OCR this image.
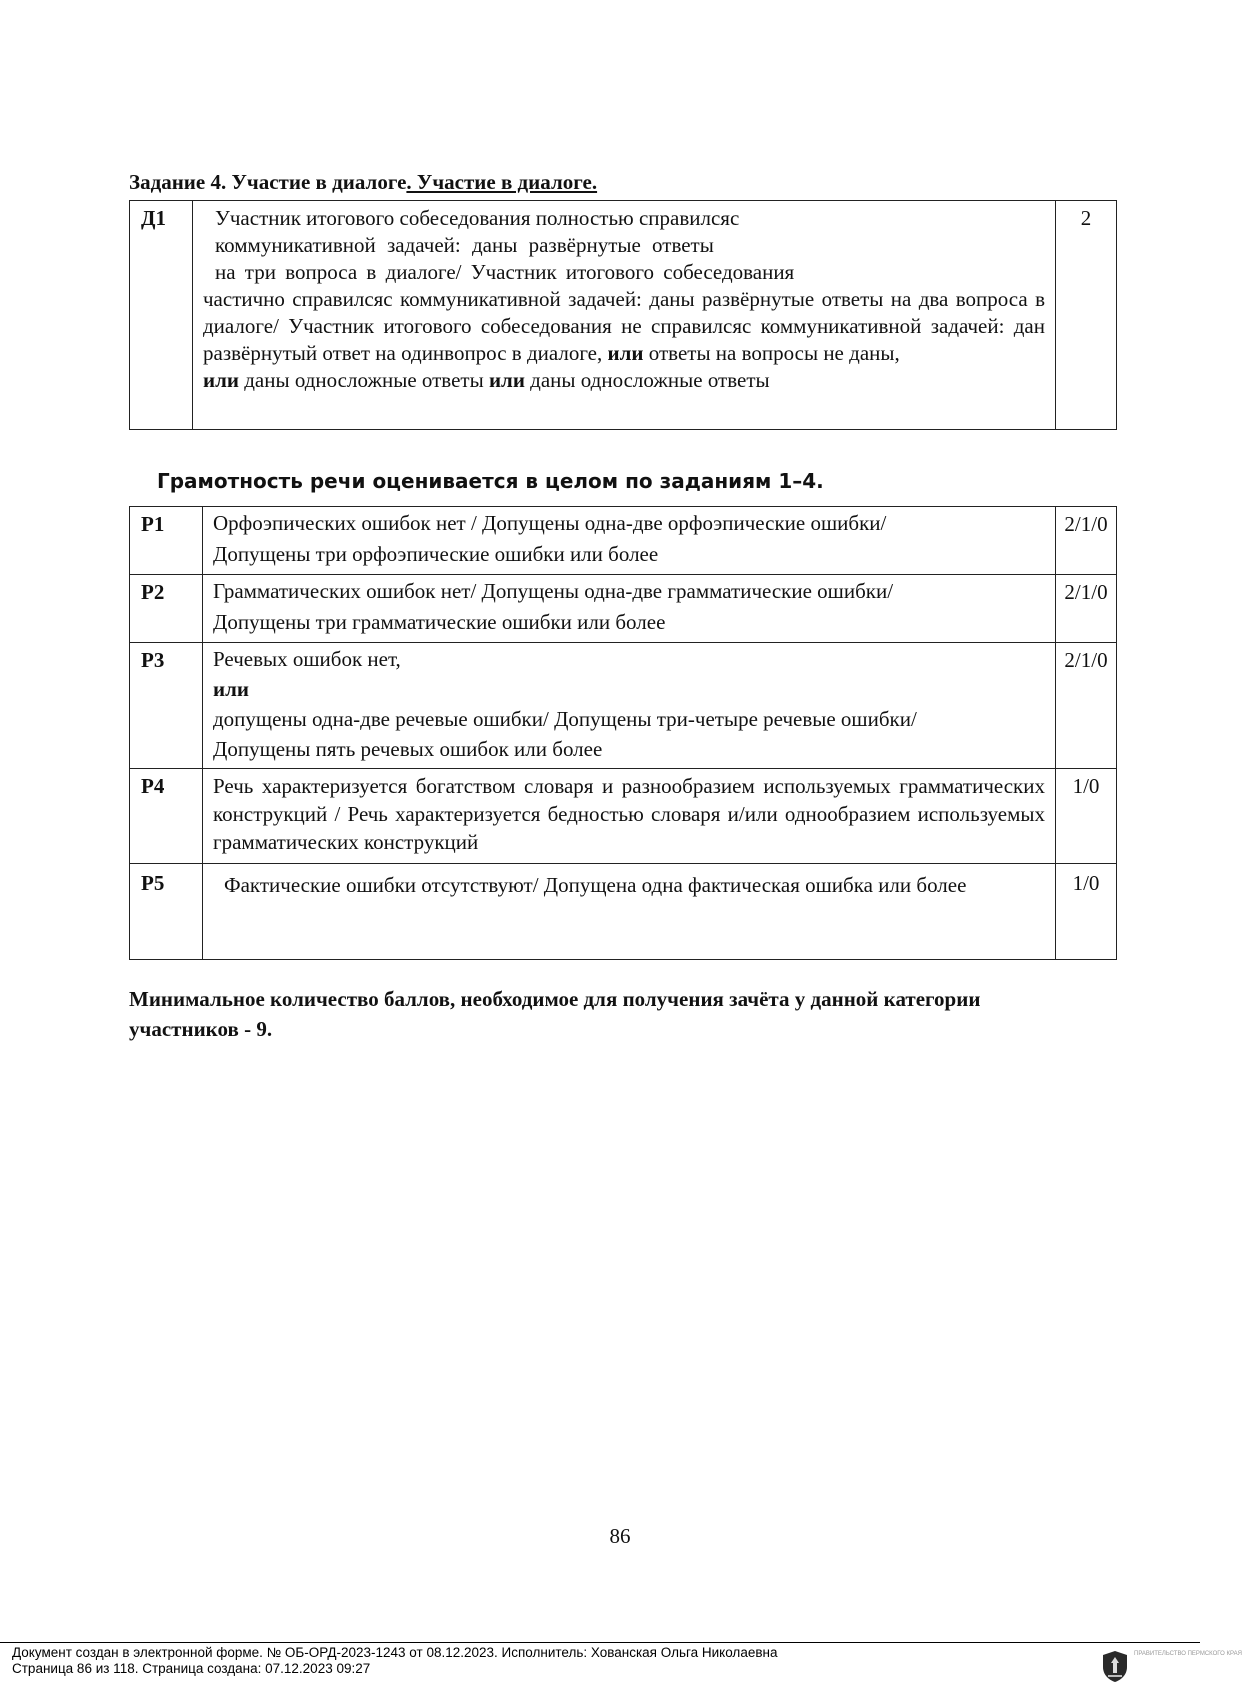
Задание 4. Участие в диалоге. Участие в диалоге.
Д1	Участник итогового собеседования полностью справилсяс
коммуникативной задачей: даны развёрнутые ответы
на три вопроса в диалоге/ Участник итогового собеседования
частично справилсяс коммуникативной задачей: даны развёрнутые ответы на два вопроса в диалоге/ Участник итогового собеседования не справилсяс коммуникативной задачей: дан развёрнутый ответ на одинвопрос в диалоге, или ответы на вопросы не даны,
или даны односложные ответы или даны односложные ответы
	2
Грамотность речи оценивается в целом по заданиям 1–4.
Р1	Орфоэпических ошибок нет / Допущены одна-две орфоэпические ошибки/
Допущены три орфоэпические ошибки или более	2/1/0
Р2	Грамматических ошибок нет/ Допущены одна-две грамматические ошибки/
Допущены три грамматические ошибки или более	2/1/0
Р3	Речевых ошибок нет,
или
допущены одна-две речевые ошибки/ Допущены три-четыре речевые ошибки/
Допущены пять речевых ошибок или более	2/1/0
Р4	Речь характеризуется богатством словаря и разнообразием используемых грамматических конструкций / Речь характеризуется бедностью словаря и/или однообразием используемых грамматических конструкций	1/0
Р5	Фактические ошибки отсутствуют/ Допущена одна фактическая ошибка или более	1/0
Минимальное количество баллов, необходимое для получения зачёта у данной категории участников - 9.
86
Документ создан в электронной форме. № ОБ-ОРД-2023-1243 от 08.12.2023. Исполнитель: Хованская Ольга Николаевна
Страница 86 из 118. Страница создана: 07.12.2023 09:27
ПРАВИТЕЛЬСТВО ПЕРМСКОГО КРАЯ
